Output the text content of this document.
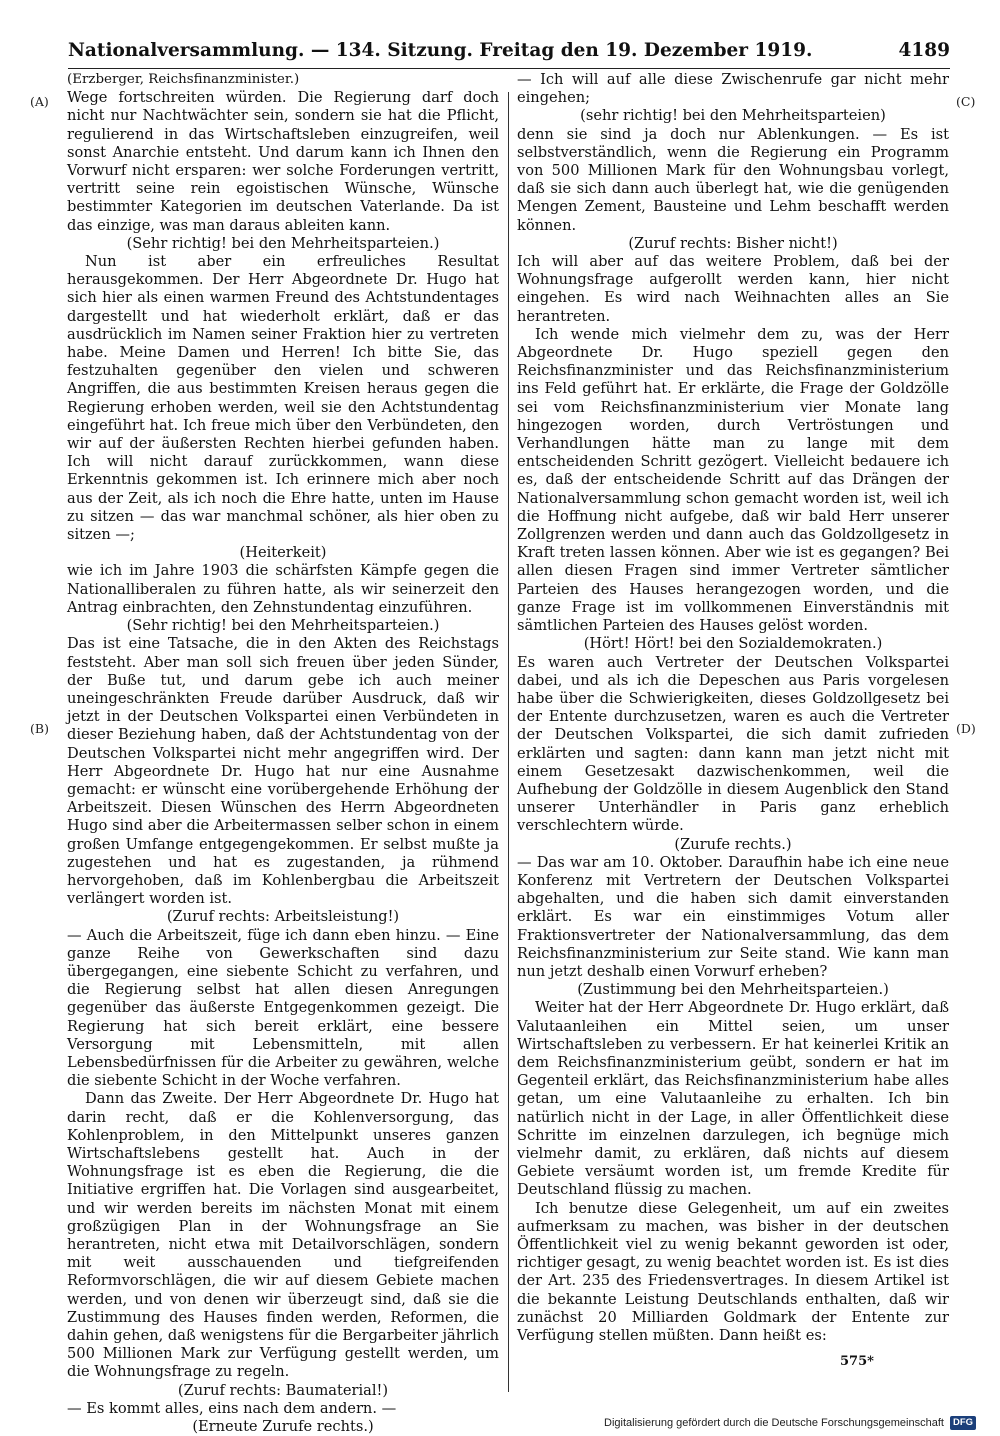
Nationalversammlung. — 134. Sitzung. Freitag den 19. Dezember 1919.	4189
(A)
(B)
(C)
(D)

(Erzberger, Reichsfinanzminister.)

Wege fortschreiten würden. Die Regierung darf doch nicht nur Nachtwächter sein, sondern sie hat die Pflicht, regulierend in das Wirtschaftsleben einzugreifen, weil sonst Anarchie entsteht. Und darum kann ich Ihnen den Vorwurf nicht ersparen: wer solche Forderungen vertritt, vertritt seine rein egoistischen Wünsche, Wünsche bestimmter Kategorien im deutschen Vaterlande. Da ist das einzige, was man daraus ableiten kann.

(Sehr richtig! bei den Mehrheitsparteien.)

Nun ist aber ein erfreuliches Resultat herausgekommen. Der Herr Abgeordnete Dr. Hugo hat sich hier als einen warmen Freund des Achtstundentages dargestellt und hat wiederholt erklärt, daß er das ausdrücklich im Namen seiner Fraktion hier zu vertreten habe. Meine Damen und Herren! Ich bitte Sie, das festzuhalten gegenüber den vielen und schweren Angriffen, die aus bestimmten Kreisen heraus gegen die Regierung erhoben werden, weil sie den Achtstundentag eingeführt hat. Ich freue mich über den Verbündeten, den wir auf der äußersten Rechten hierbei gefunden haben. Ich will nicht darauf zurückkommen, wann diese Erkenntnis gekommen ist. Ich erinnere mich aber noch aus der Zeit, als ich noch die Ehre hatte, unten im Hause zu sitzen — das war manchmal schöner, als hier oben zu sitzen —;

(Heiterkeit)

wie ich im Jahre 1903 die schärfsten Kämpfe gegen die Nationalliberalen zu führen hatte, als wir seinerzeit den Antrag einbrachten, den Zehnstundentag einzuführen.

(Sehr richtig! bei den Mehrheitsparteien.)

Das ist eine Tatsache, die in den Akten des Reichstags feststeht. Aber man soll sich freuen über jeden Sünder, der Buße tut, und darum gebe ich auch meiner uneingeschränkten Freude darüber Ausdruck, daß wir jetzt in der Deutschen Volkspartei einen Verbündeten in dieser Beziehung haben, daß der Achtstundentag von der Deutschen Volkspartei nicht mehr angegriffen wird. Der Herr Abgeordnete Dr. Hugo hat nur eine Ausnahme gemacht: er wünscht eine vorübergehende Erhöhung der Arbeitszeit. Diesen Wünschen des Herrn Abgeordneten Hugo sind aber die Arbeitermassen selber schon in einem großen Umfange entgegengekommen. Er selbst mußte ja zugestehen und hat es zugestanden, ja rühmend hervorgehoben, daß im Kohlenbergbau die Arbeitszeit verlängert worden ist.

(Zuruf rechts: Arbeitsleistung!)

— Auch die Arbeitszeit, füge ich dann eben hinzu. — Eine ganze Reihe von Gewerkschaften sind dazu übergegangen, eine siebente Schicht zu verfahren, und die Regierung selbst hat allen diesen Anregungen gegenüber das äußerste Entgegenkommen gezeigt. Die Regierung hat sich bereit erklärt, eine bessere Versorgung mit Lebensmitteln, mit allen Lebensbedürfnissen für die Arbeiter zu gewähren, welche die siebente Schicht in der Woche verfahren.

Dann das Zweite. Der Herr Abgeordnete Dr. Hugo hat darin recht, daß er die Kohlenversorgung, das Kohlenproblem, in den Mittelpunkt unseres ganzen Wirtschaftslebens gestellt hat. Auch in der Wohnungsfrage ist es eben die Regierung, die die Initiative ergriffen hat. Die Vorlagen sind ausgearbeitet, und wir werden bereits im nächsten Monat mit einem großzügigen Plan in der Wohnungsfrage an Sie herantreten, nicht etwa mit Detailvorschlägen, sondern mit weit ausschauenden und tiefgreifenden Reformvorschlägen, die wir auf diesem Gebiete machen werden, und von denen wir überzeugt sind, daß sie die Zustimmung des Hauses finden werden, Reformen, die dahin gehen, daß wenigstens für die Bergarbeiter jährlich 500 Millionen Mark zur Verfügung gestellt werden, um die Wohnungsfrage zu regeln.

(Zuruf rechts: Baumaterial!)

— Es kommt alles, eins nach dem andern. —

(Erneute Zurufe rechts.)

— Ich will auf alle diese Zwischenrufe gar nicht mehr eingehen;

(sehr richtig! bei den Mehrheitsparteien)

denn sie sind ja doch nur Ablenkungen. — Es ist selbstverständlich, wenn die Regierung ein Programm von 500 Millionen Mark für den Wohnungsbau vorlegt, daß sie sich dann auch überlegt hat, wie die genügenden Mengen Zement, Bausteine und Lehm beschafft werden können.

(Zuruf rechts: Bisher nicht!)

Ich will aber auf das weitere Problem, daß bei der Wohnungsfrage aufgerollt werden kann, hier nicht eingehen. Es wird nach Weihnachten alles an Sie herantreten.

Ich wende mich vielmehr dem zu, was der Herr Abgeordnete Dr. Hugo speziell gegen den Reichsfinanzminister und das Reichsfinanzministerium ins Feld geführt hat. Er erklärte, die Frage der Goldzölle sei vom Reichsfinanzministerium vier Monate lang hingezogen worden, durch Vertröstungen und Verhandlungen hätte man zu lange mit dem entscheidenden Schritt gezögert. Vielleicht bedauere ich es, daß der entscheidende Schritt auf das Drängen der Nationalversammlung schon gemacht worden ist, weil ich die Hoffnung nicht aufgebe, daß wir bald Herr unserer Zollgrenzen werden und dann auch das Goldzollgesetz in Kraft treten lassen können. Aber wie ist es gegangen? Bei allen diesen Fragen sind immer Vertreter sämtlicher Parteien des Hauses herangezogen worden, und die ganze Frage ist im vollkommenen Einverständnis mit sämtlichen Parteien des Hauses gelöst worden.

(Hört! Hört! bei den Sozialdemokraten.)

Es waren auch Vertreter der Deutschen Volkspartei dabei, und als ich die Depeschen aus Paris vorgelesen habe über die Schwierigkeiten, dieses Goldzollgesetz bei der Entente durchzusetzen, waren es auch die Vertreter der Deutschen Volkspartei, die sich damit zufrieden erklärten und sagten: dann kann man jetzt nicht mit einem Gesetzesakt dazwischenkommen, weil die Aufhebung der Goldzölle in diesem Augenblick den Stand unserer Unterhändler in Paris ganz erheblich verschlechtern würde.

(Zurufe rechts.)

— Das war am 10. Oktober. Daraufhin habe ich eine neue Konferenz mit Vertretern der Deutschen Volkspartei abgehalten, und die haben sich damit einverstanden erklärt. Es war ein einstimmiges Votum aller Fraktionsvertreter der Nationalversammlung, das dem Reichsfinanzministerium zur Seite stand. Wie kann man nun jetzt deshalb einen Vorwurf erheben?

(Zustimmung bei den Mehrheitsparteien.)

Weiter hat der Herr Abgeordnete Dr. Hugo erklärt, daß Valutaanleihen ein Mittel seien, um unser Wirtschaftsleben zu verbessern. Er hat keinerlei Kritik an dem Reichsfinanzministerium geübt, sondern er hat im Gegenteil erklärt, das Reichsfinanzministerium habe alles getan, um eine Valutaanleihe zu erhalten. Ich bin natürlich nicht in der Lage, in aller Öffentlichkeit diese Schritte im einzelnen darzulegen, ich begnüge mich vielmehr damit, zu erklären, daß nichts auf diesem Gebiete versäumt worden ist, um fremde Kredite für Deutschland flüssig zu machen.

Ich benutze diese Gelegenheit, um auf ein zweites aufmerksam zu machen, was bisher in der deutschen Öffentlichkeit viel zu wenig bekannt geworden ist oder, richtiger gesagt, zu wenig beachtet worden ist. Es ist dies der Art. 235 des Friedensvertrages. In diesem Artikel ist die bekannte Leistung Deutschlands enthalten, daß wir zunächst 20 Milliarden Goldmark der Entente zur Verfügung stellen müßten. Dann heißt es:

575*
Digitalisierung gefördert durch die Deutsche Forschungsgemeinschaft DFG
